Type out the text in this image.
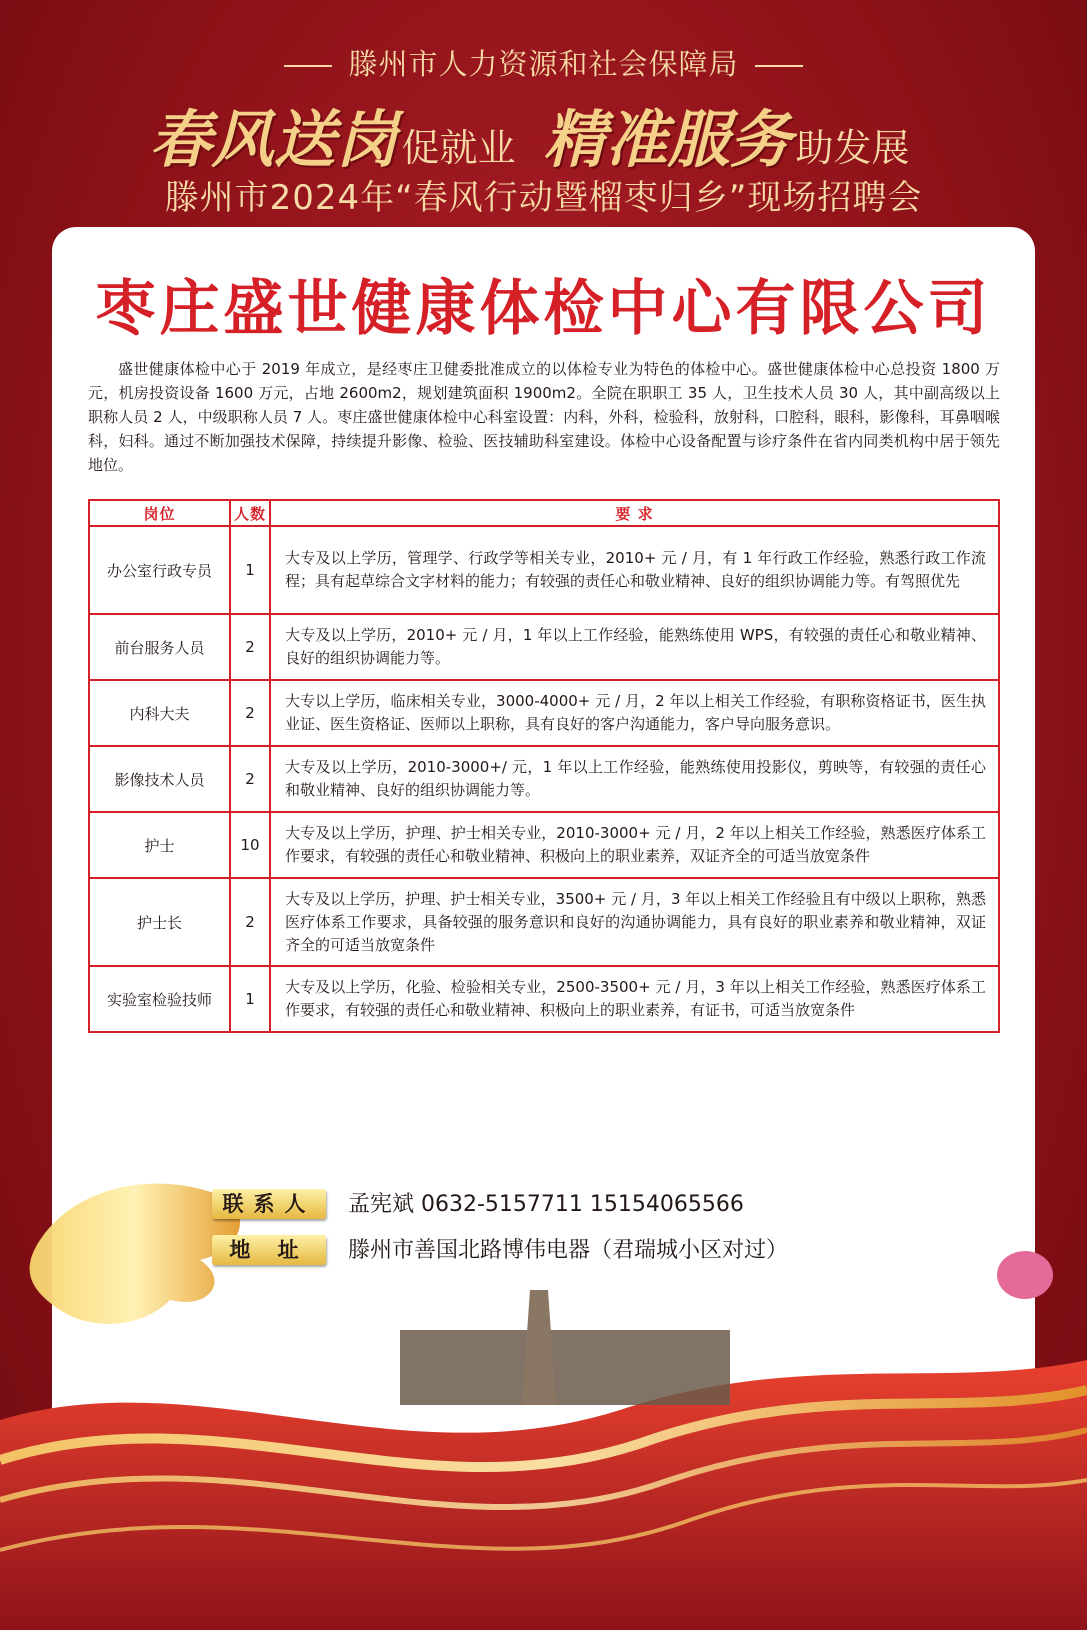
滕州市人力资源和社会保障局
春风送岗 促就业 精准服务 助发展
滕州市2024年“春风行动暨榴枣归乡”现场招聘会
枣庄盛世健康体检中心有限公司
盛世健康体检中心于 2019 年成立，是经枣庄卫健委批准成立的以体检专业为特色的体检中心。盛世健康体检中心总投资 1800 万元，机房投资设备 1600 万元，占地 2600m2，规划建筑面积 1900m2。全院在职职工 35 人，卫生技术人员 30 人，其中副高级以上职称人员 2 人，中级职称人员 7 人。枣庄盛世健康体检中心科室设置：内科，外科，检验科，放射科，口腔科，眼科，影像科，耳鼻咽喉科，妇科。通过不断加强技术保障，持续提升影像、检验、医技辅助科室建设。体检中心设备配置与诊疗条件在省内同类机构中居于领先地位。
岗位	人数	要 求
办公室行政专员	1	大专及以上学历，管理学、行政学等相关专业，2010+ 元 / 月，有 1 年行政工作经验，熟悉行政工作流程；具有起草综合文字材料的能力；有较强的责任心和敬业精神、良好的组织协调能力等。有驾照优先
前台服务人员	2	大专及以上学历，2010+ 元 / 月，1 年以上工作经验，能熟练使用 WPS，有较强的责任心和敬业精神、良好的组织协调能力等。
内科大夫	2	大专以上学历，临床相关专业，3000-4000+ 元 / 月，2 年以上相关工作经验，有职称资格证书，医生执业证、医生资格证、医师以上职称，具有良好的客户沟通能力，客户导向服务意识。
影像技术人员	2	大专及以上学历，2010-3000+/ 元，1 年以上工作经验，能熟练使用投影仪，剪映等，有较强的责任心和敬业精神、良好的组织协调能力等。
护士	10	大专及以上学历，护理、护士相关专业，2010-3000+ 元 / 月，2 年以上相关工作经验，熟悉医疗体系工作要求，有较强的责任心和敬业精神、积极向上的职业素养，双证齐全的可适当放宽条件
护士长	2	大专及以上学历，护理、护士相关专业，3500+ 元 / 月，3 年以上相关工作经验且有中级以上职称，熟悉医疗体系工作要求，具备较强的服务意识和良好的沟通协调能力，具有良好的职业素养和敬业精神，双证齐全的可适当放宽条件
实验室检验技师	1	大专及以上学历，化验、检验相关专业，2500-3500+ 元 / 月，3 年以上相关工作经验，熟悉医疗体系工作要求，有较强的责任心和敬业精神、积极向上的职业素养，有证书，可适当放宽条件
联系人 孟宪斌 0632-5157711 15154065566
地 址 滕州市善国北路博伟电器（君瑞城小区对过）
